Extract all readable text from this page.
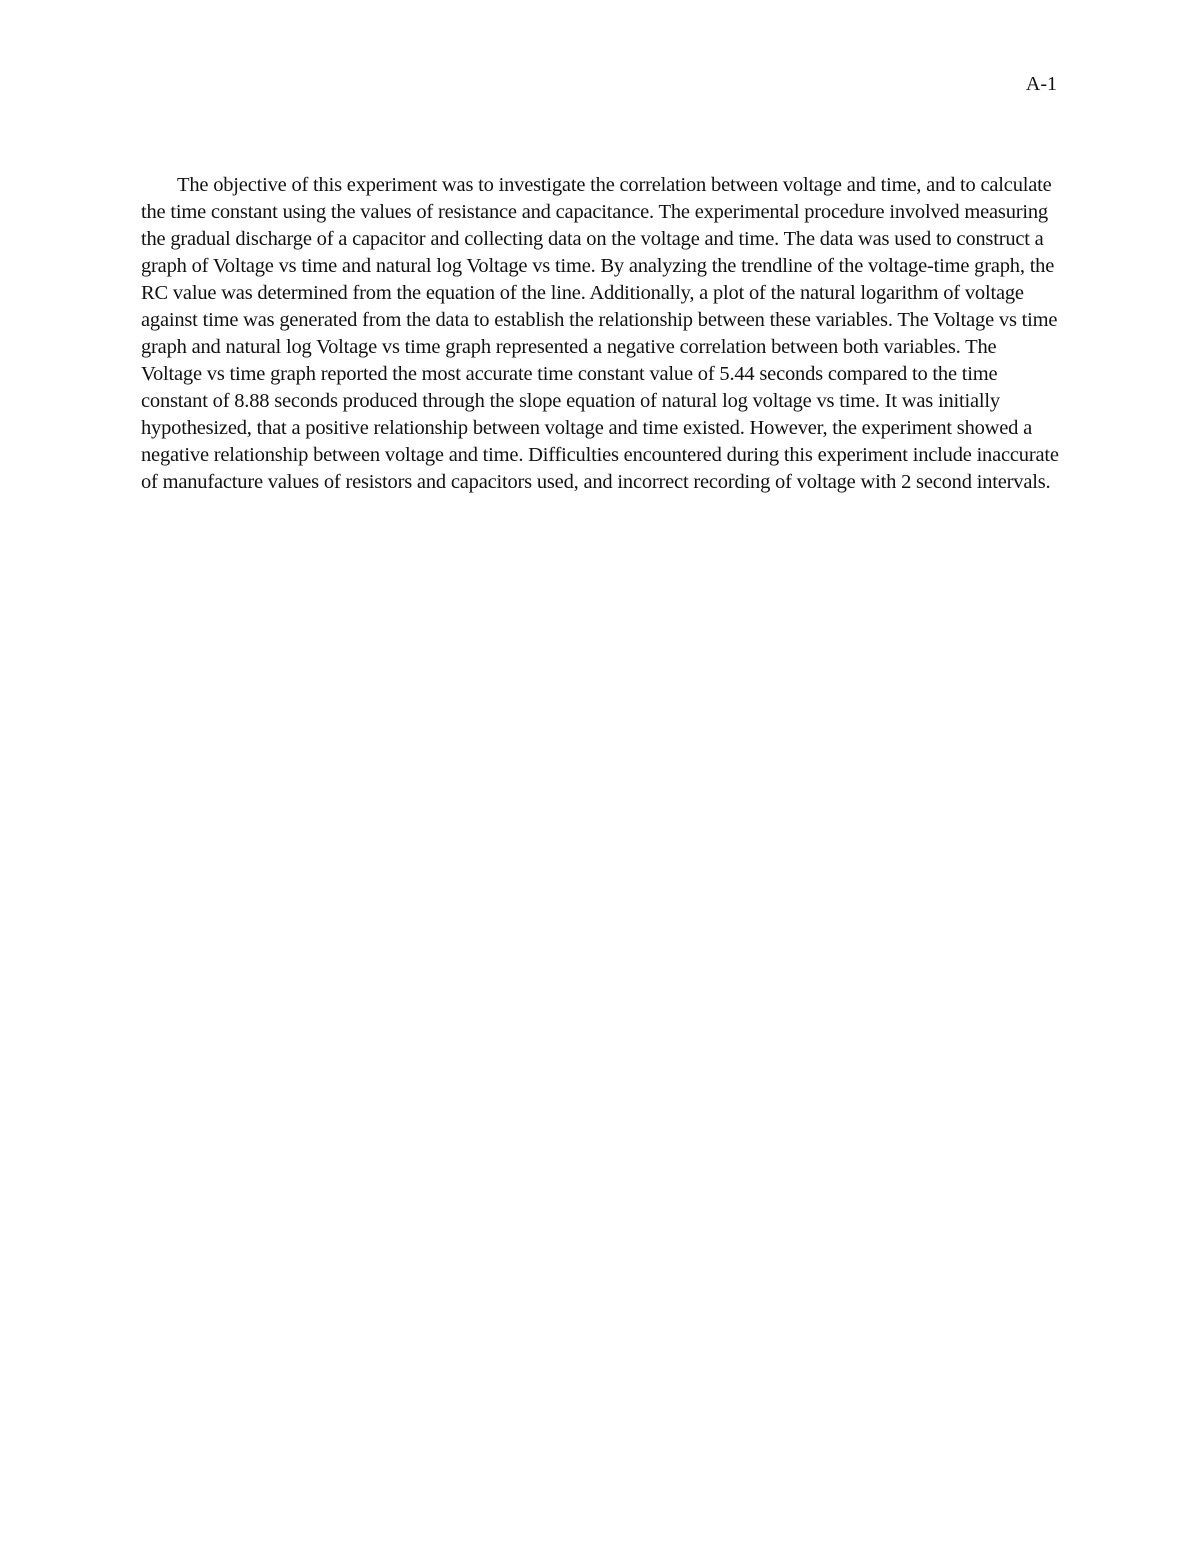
A-1

The objective of this experiment was to investigate the correlation between voltage and time, and to calculate the time constant using the values of resistance and capacitance. The experimental procedure involved measuring the gradual discharge of a capacitor and collecting data on the voltage and time. The data was used to construct a graph of Voltage vs time and natural log Voltage vs time. By analyzing the trendline of the voltage-time graph, the RC value was determined from the equation of the line. Additionally, a plot of the natural logarithm of voltage against time was generated from the data to establish the relationship between these variables. The Voltage vs time graph and natural log Voltage vs time graph represented a negative correlation between both variables. The Voltage vs time graph reported the most accurate time constant value of 5.44 seconds compared to the time constant of 8.88 seconds produced through the slope equation of natural log voltage vs time. It was initially hypothesized, that a positive relationship between voltage and time existed. However, the experiment showed a negative relationship between voltage and time. Difficulties encountered during this experiment include inaccurate of manufacture values of resistors and capacitors used, and incorrect recording of voltage with 2 second intervals.
